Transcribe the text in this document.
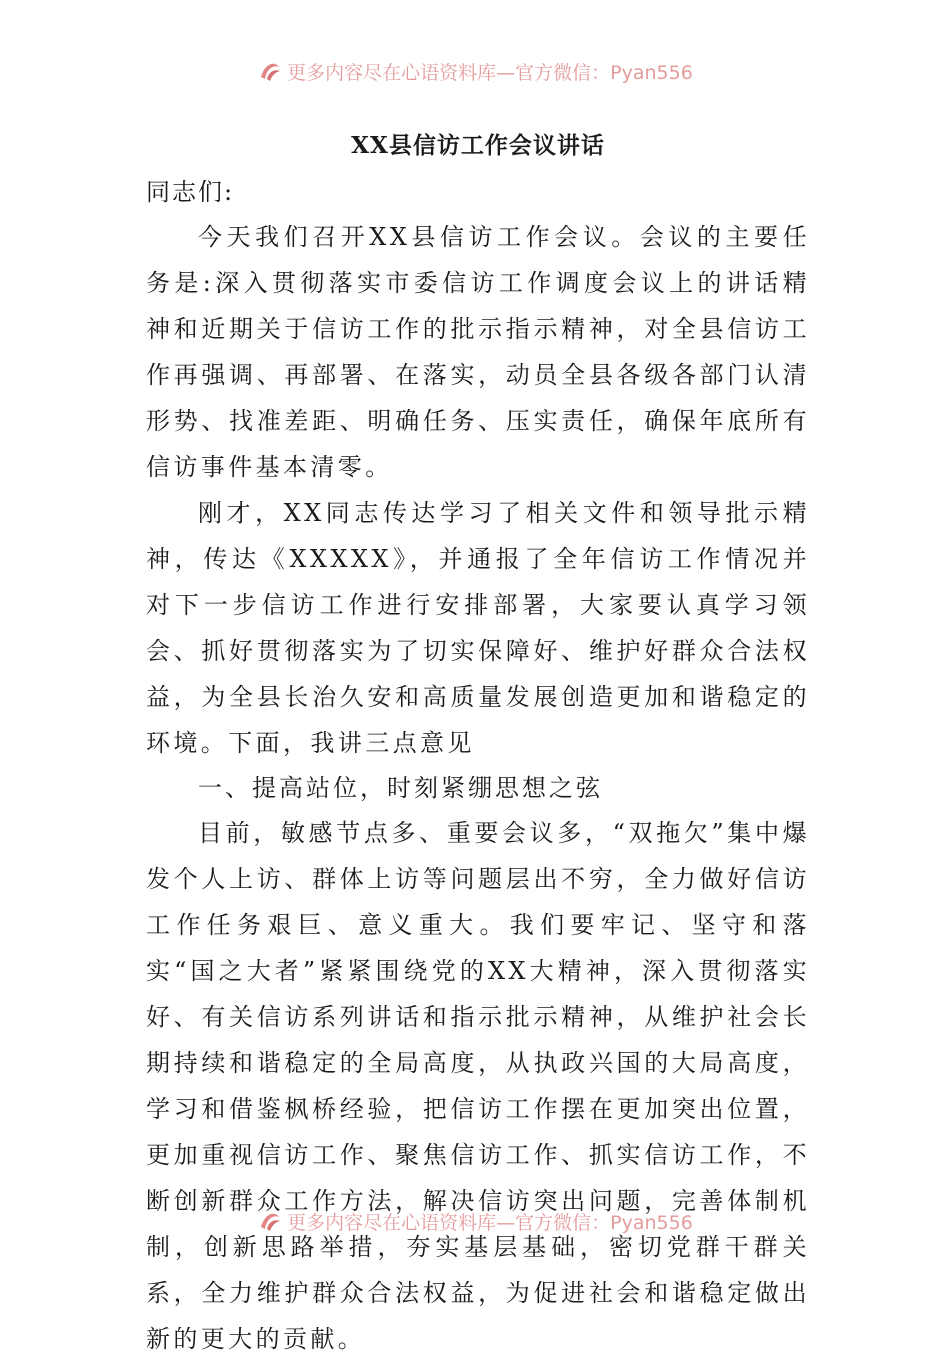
更多内容尽在心语资料库—官方微信：Pyan556
XX县信访工作会议讲话

同志们:

今天我们召开XX县信访工作会议。会议的主要任务是:深入贯彻落实市委信访工作调度会议上的讲话精神和近期关于信访工作的批示指示精神，对全县信访工作再强调、再部署、在落实，动员全县各级各部门认清形势、找准差距、明确任务、压实责任，确保年底所有信访事件基本清零。

刚才，XX同志传达学习了相关文件和领导批示精神，传达《XXXXX》，并通报了全年信访工作情况并对下一步信访工作进行安排部署，大家要认真学习领会、抓好贯彻落实为了切实保障好、维护好群众合法权益，为全县长治久安和高质量发展创造更加和谐稳定的环境。下面，我讲三点意见

一、提高站位，时刻紧绷思想之弦

目前，敏感节点多、重要会议多，“双拖欠”集中爆发个人上访、群体上访等问题层出不穷，全力做好信访工作任务艰巨、意义重大。我们要牢记、坚守和落实“国之大者”紧紧围绕党的XX大精神，深入贯彻落实好、有关信访系列讲话和指示批示精神，从维护社会长期持续和谐稳定的全局高度，从执政兴国的大局高度，学习和借鉴枫桥经验，把信访工作摆在更加突出位置，更加重视信访工作、聚焦信访工作、抓实信访工作，不断创新群众工作方法，解决信访突出问题，完善体制机制，创新思路举措，夯实基层基础，密切党群干群关系，全力维护群众合法权益，为促进社会和谐稳定做出新的更大的贡献。

更多内容尽在心语资料库—官方微信：Pyan556
